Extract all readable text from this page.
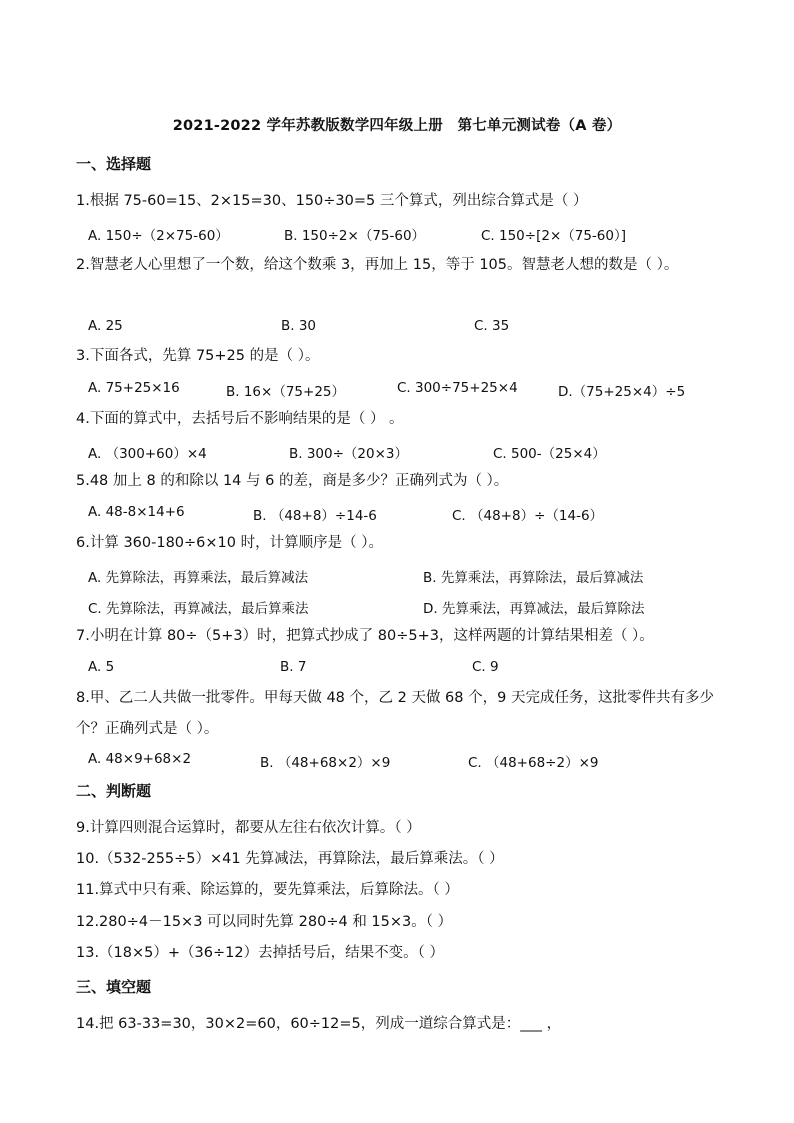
2021-2022 学年苏教版数学四年级上册　第七单元测试卷（A 卷）
一、选择题
1.根据 75-60=15、2×15=30、150÷30=5 三个算式，列出综合算式是（ ）
A. 150÷（2×75-60）	B. 150÷2×（75-60）	C. 150÷[2×（75-60）]
2.智慧老人心里想了一个数，给这个数乘 3，再加上 15，等于 105。智慧老人想的数是（ ）。
A. 25	B. 30	C. 35
3.下面各式，先算 75+25 的是（ ）。
A. 75+25×16	B. 16×（75+25）	C. 300÷75+25×4	D.（75+25×4）÷5
4.下面的算式中，去括号后不影响结果的是（ ） 。
A. （300+60）×4	B. 300÷（20×3）	C. 500-（25×4）
5.48 加上 8 的和除以 14 与 6 的差，商是多少？正确列式为（ ）。
A. 48-8×14+6	B. （48+8）÷14-6	C. （48+8）÷（14-6）
6.计算 360-180÷6×10 时，计算顺序是（ ）。
A. 先算除法，再算乘法，最后算减法	B. 先算乘法，再算除法，最后算减法
C. 先算除法，再算减法，最后算乘法	D. 先算乘法，再算减法，最后算除法
7.小明在计算 80÷（5+3）时，把算式抄成了 80÷5+3，这样两题的计算结果相差（ ）。
A. 5	B. 7	C. 9
8.甲、乙二人共做一批零件。甲每天做 48 个，乙 2 天做 68 个，9 天完成任务，这批零件共有多少个？正确列式是（ ）。
A. 48×9+68×2	B. （48+68×2）×9	C. （48+68÷2）×9
二、判断题
9.计算四则混合运算时，都要从左往右依次计算。（ ）
10.（532-255÷5）×41 先算减法，再算除法，最后算乘法。（ ）
11.算式中只有乘、除运算的，要先算乘法，后算除法。（ ）
12.280÷4－15×3 可以同时先算 280÷4 和 15×3。（ ）
13.（18×5）+（36÷12）去掉括号后，结果不变。（ ）
三、填空题
14.把 63-33=30，30×2=60，60÷12=5，列成一道综合算式是：___ ，
